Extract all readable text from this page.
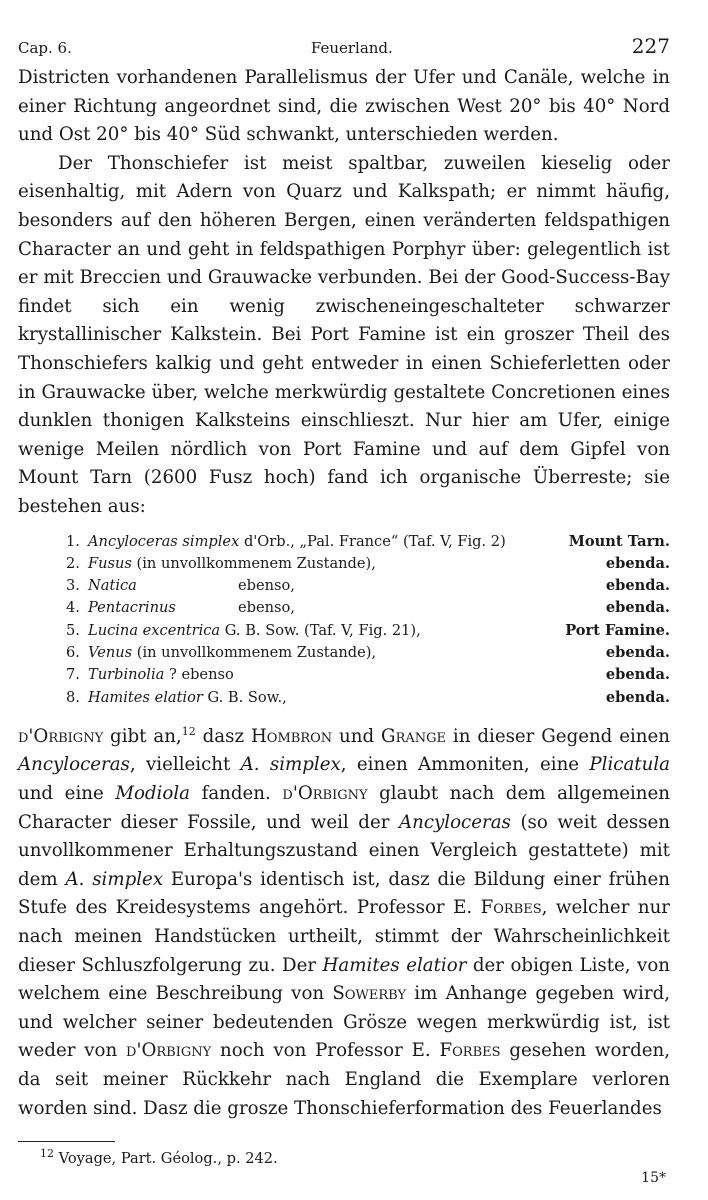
Cap. 6.	Feuerland.	227

Districten vorhandenen Parallelismus der Ufer und Canäle, welche in einer Richtung angeordnet sind, die zwischen West 20° bis 40° Nord und Ost 20° bis 40° Süd schwankt, unterschieden werden.

Der Thonschiefer ist meist spaltbar, zuweilen kieselig oder eisenhaltig, mit Adern von Quarz und Kalkspath; er nimmt häufig, besonders auf den höheren Bergen, einen veränderten feldspathigen Character an und geht in feldspathigen Porphyr über: gelegentlich ist er mit Breccien und Grauwacke verbunden. Bei der Good-Success-Bay findet sich ein wenig zwischeneingeschalteter schwarzer krystallinischer Kalkstein. Bei Port Famine ist ein groszer Theil des Thonschiefers kalkig und geht entweder in einen Schieferletten oder in Grauwacke über, welche merkwürdig gestaltete Concretionen eines dunklen thonigen Kalksteins einschlieszt. Nur hier am Ufer, einige wenige Meilen nördlich von Port Famine und auf dem Gipfel von Mount Tarn (2600 Fusz hoch) fand ich organische Überreste; sie bestehen aus:

1. Ancyloceras simplex d'Orb., „Pal. France“ (Taf. V, Fig. 2)	Mount Tarn.
2. Fusus (in unvollkommenem Zustande),	ebenda.
3. Natica	ebenso,	ebenda.
4. Pentacrinus	ebenso,	ebenda.
5. Lucina excentrica G. B. Sow. (Taf. V, Fig. 21),	Port Famine.
6. Venus (in unvollkommenem Zustande),	ebenda.
7. Turbinolia ? ebenso	ebenda.
8. Hamites elatior G. B. Sow.,	ebenda.

d'Orbigny gibt an,$^{12}$ dasz Hombron und Grange in dieser Gegend einen Ancyloceras, vielleicht A. simplex, einen Ammoniten, eine Plicatula und eine Modiola fanden. d'Orbigny glaubt nach dem allgemeinen Character dieser Fossile, und weil der Ancyloceras (so weit dessen unvollkommener Erhaltungszustand einen Vergleich gestattete) mit dem A. simplex Europa's identisch ist, dasz die Bildung einer frühen Stufe des Kreidesystems angehört. Professor E. Forbes, welcher nur nach meinen Handstücken urtheilt, stimmt der Wahrscheinlichkeit dieser Schluszfolgerung zu. Der Hamites elatior der obigen Liste, von welchem eine Beschreibung von Sowerby im Anhange gegeben wird, und welcher seiner bedeutenden Grösze wegen merkwürdig ist, ist weder von d'Orbigny noch von Professor E. Forbes gesehen worden, da seit meiner Rückkehr nach England die Exemplare verloren worden sind. Dasz die grosze Thonschieferformation des Feuerlandes

$^{12}$ Voyage, Part. Géolog., p. 242.
15*
